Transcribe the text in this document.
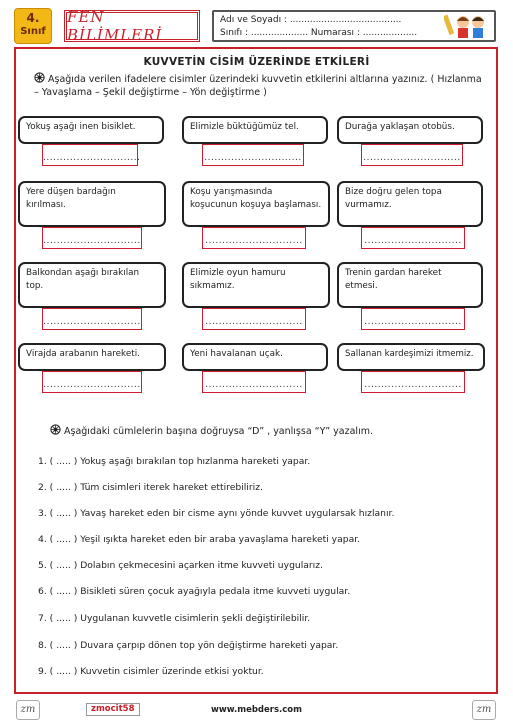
4.
Sınıf
FEN BİLİMLERİ
Adı ve Soyadı : .......................................
Sınıfı : .................... Numarası : ...................
KUVVETİN CİSİM ÜZERİNDE ETKİLERİ
Aşağıda verilen ifadelere cisimler üzerindeki kuvvetin etkilerini altlarına yazınız. ( Hızlanma – Yavaşlama – Şekil değiştirme – Yön değiştirme )
Yokuş aşağı inen bisiklet.	Elimizle büktüğümüz tel.	Durağa yaklaşan otobüs.
.............................	.............................	.............................
Yere düşen bardağın kırılması.
Koşu yarışmasında koşucunun koşuya başlaması.
Bize doğru gelen topa vurmamız.
.............................	.............................	.............................
Balkondan aşağı bırakılan top.
Elimizle oyun hamuru sıkmamız.
Trenin gardan hareket etmesi.
.............................	.............................	.............................
Virajda arabanın hareketi.	Yeni havalanan uçak.	Sallanan kardeşimizi itmemiz.
.............................	.............................	.............................
Aşağıdaki cümlelerin başına doğruysa “D” , yanlışsa “Y” yazalım.
1. ( ..... ) Yokuş aşağı bırakılan top hızlanma hareketi yapar.
2. ( ..... ) Tüm cisimleri iterek hareket ettirebiliriz.
3. ( ..... ) Yavaş hareket eden bir cisme aynı yönde kuvvet uygularsak hızlanır.
4. ( ..... ) Yeşil ışıkta hareket eden bir araba yavaşlama hareketi yapar.
5. ( ..... ) Dolabın çekmecesini açarken itme kuvveti uygularız.
6. ( ..... ) Bisikleti süren çocuk ayağıyla pedala itme kuvveti uygular.
7. ( ..... ) Uygulanan kuvvetle cisimlerin şekli değiştirilebilir.
8. ( ..... ) Duvara çarpıp dönen top yön değiştirme hareketi yapar.
9. ( ..... ) Kuvvetin cisimler üzerinde etkisi yoktur.
zm	zmocit58	www.mebders.com	zm
